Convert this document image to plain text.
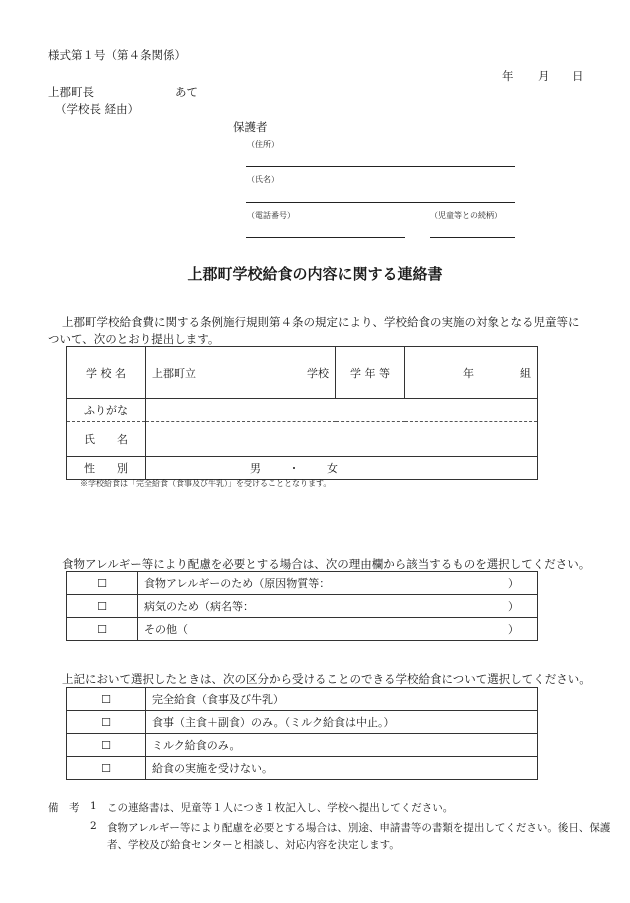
様式第１号（第４条関係）
年 月 日
上郡町長	あて
（学校長 経由）
保護者
（住所）
（氏名）
（電話番号）	（児童等との続柄）
上郡町学校給食の内容に関する連絡書
上郡町学校給食費に関する条例施行規則第４条の規定により、学校給食の実施の対象となる児童等に
ついて、次のとおり提出します。
学 校 名	上郡町立 学校	学 年 等	年 組

ふりがな			
氏　　名			
性　　別	男 ・ 女		
※学校給食は「完全給食（食事及び牛乳）」を受けることとなります。
食物アレルギー等により配慮を必要とする場合は、次の理由欄から該当するものを選択してください。
☐	食物アレルギーのため（原因物質等： ）

☐	病気のため（病名等： ）

☐	その他（ ）
上記において選択したときは、次の区分から受けることのできる学校給食について選択してください。
☐	完全給食（食事及び牛乳）
☐	食事（主食＋副食）のみ。（ミルク給食は中止。）
☐	ミルク給食のみ。
☐	給食の実施を受けない。
備　考 1 この連絡書は、児童等１人につき１枚記入し、学校へ提出してください。
2 食物アレルギー等により配慮を必要とする場合は、別途、申請書等の書類を提出してください。後日、保護
者、学校及び給食センターと相談し、対応内容を決定します。
